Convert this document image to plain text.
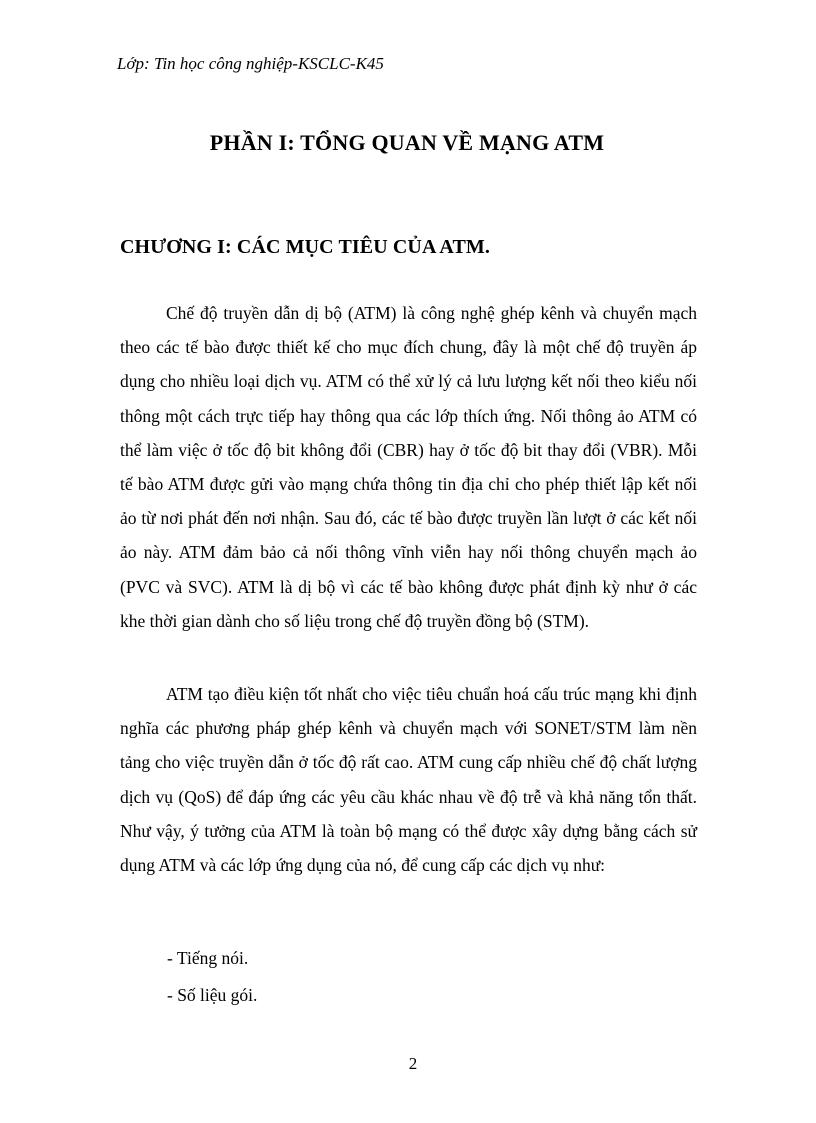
Lớp: Tin học công nghiệp-KSCLC-K45
PHẦN I: TỔNG QUAN VỀ MẠNG ATM
CHƯƠNG I: CÁC MỤC TIÊU CỦA ATM.

Chế độ truyền dẫn dị bộ (ATM) là công nghệ ghép kênh và chuyển mạch theo các tế bào được thiết kế cho mục đích chung, đây là một chế độ truyền áp dụng cho nhiều loại dịch vụ. ATM có thể xử lý cả lưu lượng kết nối theo kiểu nối thông một cách trực tiếp hay thông qua các lớp thích ứng. Nối thông ảo ATM có thể làm việc ở tốc độ bit không đổi (CBR) hay ở tốc độ bit thay đổi (VBR). Mỗi tế bào ATM được gửi vào mạng chứa thông tin địa chỉ cho phép thiết lập kết nối ảo từ nơi phát đến nơi nhận. Sau đó, các tế bào được truyền lần lượt ở các kết nối ảo này. ATM đảm bảo cả nối thông vĩnh viễn hay nối thông chuyển mạch ảo (PVC và SVC). ATM là dị bộ vì các tế bào không được phát định kỳ như ở các khe thời gian dành cho số liệu trong chế độ truyền đồng bộ (STM).

ATM tạo điều kiện tốt nhất cho việc tiêu chuẩn hoá cấu trúc mạng khi định nghĩa các phương pháp ghép kênh và chuyển mạch với SONET/STM làm nền tảng cho việc truyền dẫn ở tốc độ rất cao. ATM cung cấp nhiều chế độ chất lượng dịch vụ (QoS) để đáp ứng các yêu cầu khác nhau về độ trễ và khả năng tổn thất. Như vậy, ý tưởng của ATM là toàn bộ mạng có thể được xây dựng bằng cách sử dụng ATM và các lớp ứng dụng của nó, để cung cấp các dịch vụ như:

- Tiếng nói.
- Số liệu gói.
2
